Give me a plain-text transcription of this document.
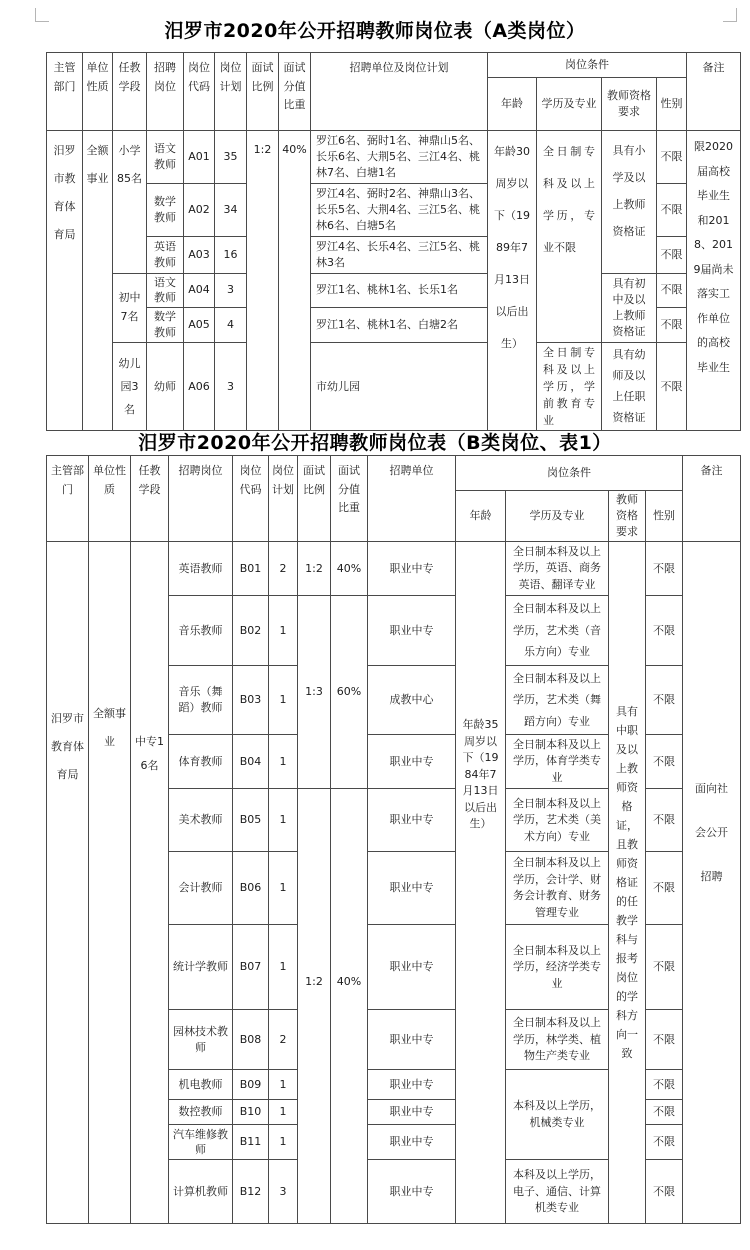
汨罗市2020年公开招聘教师岗位表（A类岗位）
主管部门	单位性质	任教学段	招聘岗位	岗位代码	岗位计划	面试比例	面试分值比重	招聘单位及岗位计划	岗位条件				备注
									年龄	学历及专业	教师资格要求	性别	
汨罗市教育体育局	全额事业	小学85名	语文教师	A01	35	1:2	40%	罗江6名、弼时1名、神鼎山5名、长乐6名、大荆5名、三江4名、桃林7名、白塘1名	年龄30周岁以下（1989年7月13日以后出生）	全日制专科及以上学历，专业不限	具有小学及以上教师资格证	不限	限2020届高校毕业生和2018、2019届尚未落实工作单位的高校毕业生
			数学教师	A02	34			罗江4名、弼时2名、神鼎山3名、长乐5名、大荆4名、三江5名、桃林6名、白塘5名				不限	
			英语教师	A03	16			罗江4名、长乐4名、三江5名、桃林3名				不限	
		初中7名	语文教师	A04	3			罗江1名、桃林1名、长乐1名			具有初中及以上教师资格证	不限	
			数学教师	A05	4			罗江1名、桃林1名、白塘2名				不限	
		幼儿园3名	幼师	A06	3			市幼儿园		全日制专科及以上学历，学前教育专业	具有幼师及以上任职资格证	不限	
汨罗市2020年公开招聘教师岗位表（B类岗位、表1）
主管部门	单位性质	任教学段	招聘岗位	岗位代码	岗位计划	面试比例	面试分值比重	招聘单位	岗位条件				备注
									年龄	学历及专业	教师资格要求	性别	
汨罗市教育体育局	全额事业	中专16名	英语教师	B01	2	1:2	40%	职业中专	年龄35周岁以下（1984年7月13日以后出生）	全日制本科及以上学历，英语、商务英语、翻译专业	具有中职及以上教师资格证，且教师资格证的任教学科与报考岗位的学科方向一致	不限	面向社会公开招聘
			音乐教师	B02	1	1:3	60%	职业中专		全日制本科及以上学历，艺术类（音乐方向）专业		不限	
			音乐（舞蹈）教师	B03	1			成教中心		全日制本科及以上学历，艺术类（舞蹈方向）专业		不限	
			体育教师	B04	1			职业中专		全日制本科及以上学历，体育学类专业		不限	
			美术教师	B05	1	1:2	40%	职业中专		全日制本科及以上学历，艺术类（美术方向）专业		不限	
			会计教师	B06	1			职业中专		全日制本科及以上学历，会计学、财务会计教育、财务管理专业		不限	
			统计学教师	B07	1			职业中专		全日制本科及以上学历，经济学类专业		不限	
			园林技术教师	B08	2			职业中专		全日制本科及以上学历，林学类、植物生产类专业		不限	
			机电教师	B09	1			职业中专		本科及以上学历，机械类专业		不限	
			数控教师	B10	1			职业中专				不限	
			汽车维修教师	B11	1			职业中专				不限	
			计算机教师	B12	3			职业中专		本科及以上学历，电子、通信、计算机类专业		不限	
